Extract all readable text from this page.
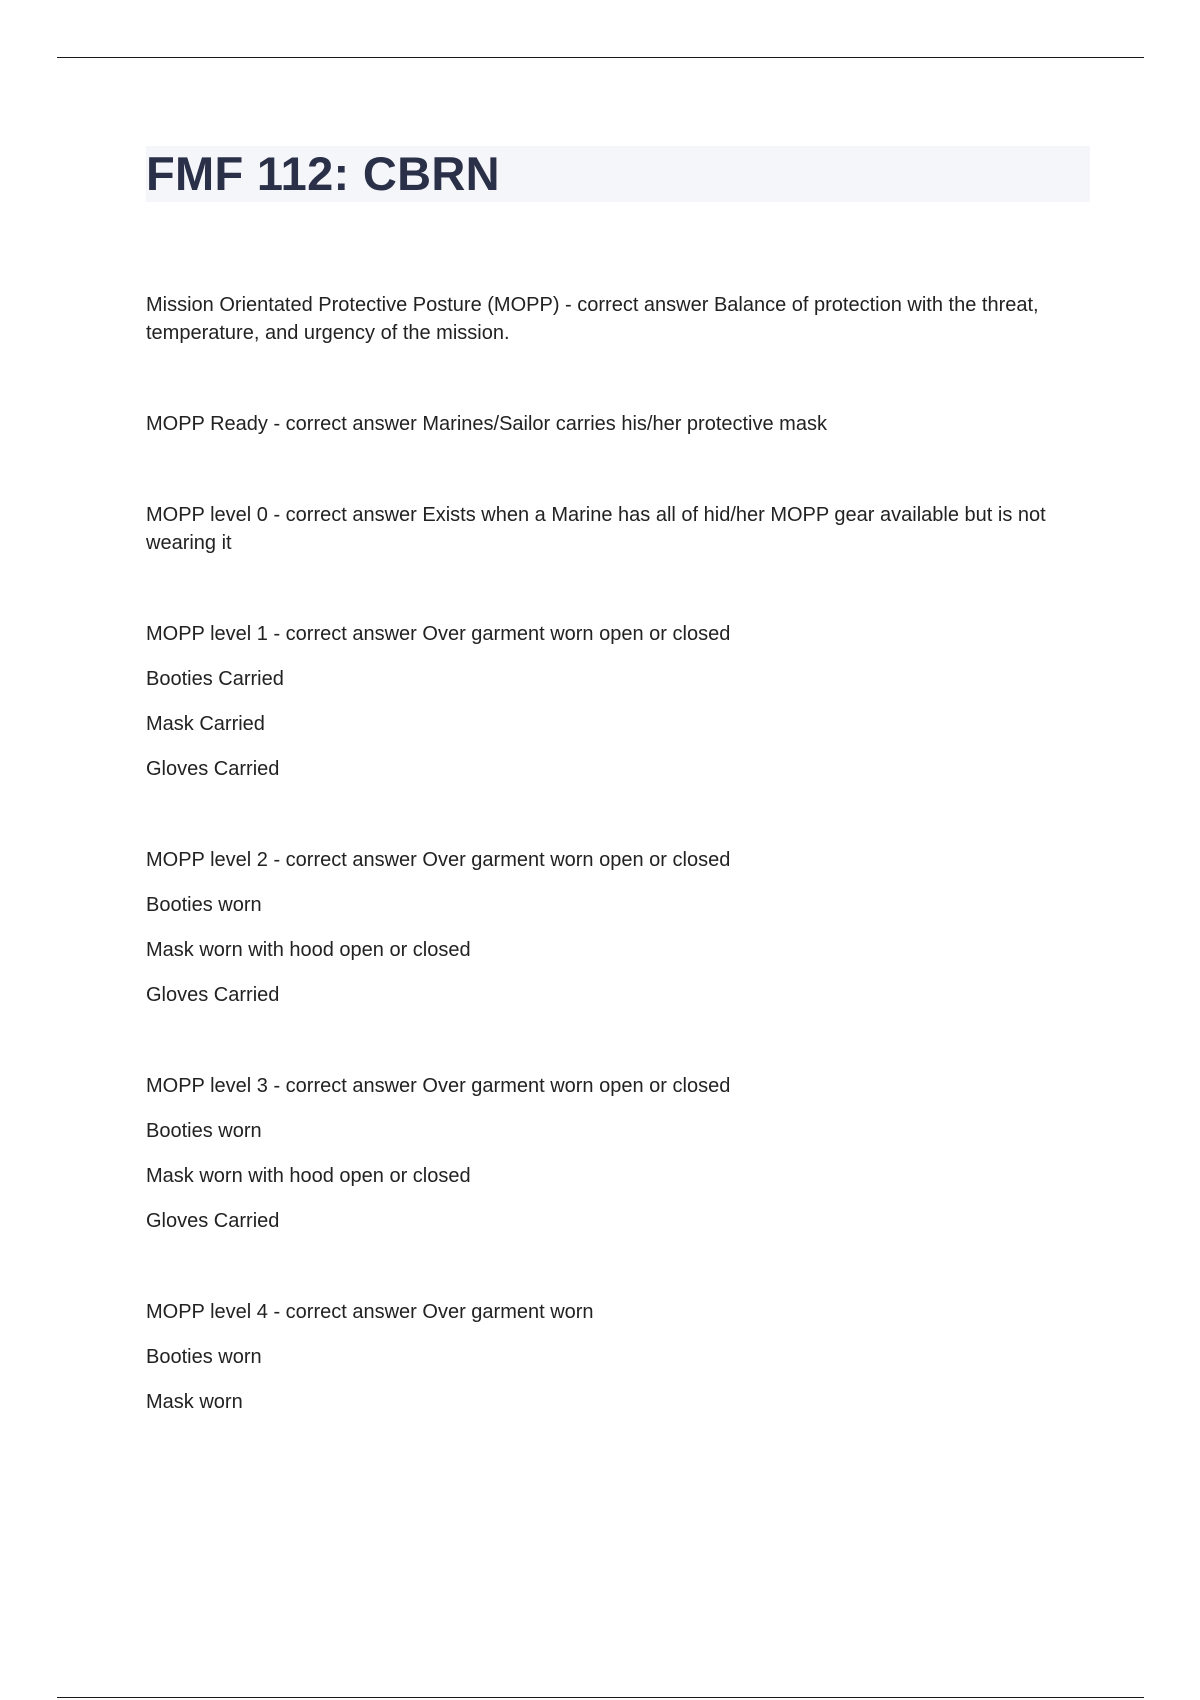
FMF 112: CBRN

Mission Orientated Protective Posture (MOPP) - correct answer Balance of protection with the threat,

temperature, and urgency of the mission.

MOPP Ready - correct answer Marines/Sailor carries his/her protective mask

MOPP level 0 - correct answer Exists when a Marine has all of hid/her MOPP gear available but is not

wearing it

MOPP level 1 - correct answer Over garment worn open or closed

Booties Carried

Mask Carried

Gloves Carried

MOPP level 2 - correct answer Over garment worn open or closed

Booties worn

Mask worn with hood open or closed

Gloves Carried

MOPP level 3 - correct answer Over garment worn open or closed

Booties worn

Mask worn with hood open or closed

Gloves Carried

MOPP level 4 - correct answer Over garment worn

Booties worn

Mask worn
